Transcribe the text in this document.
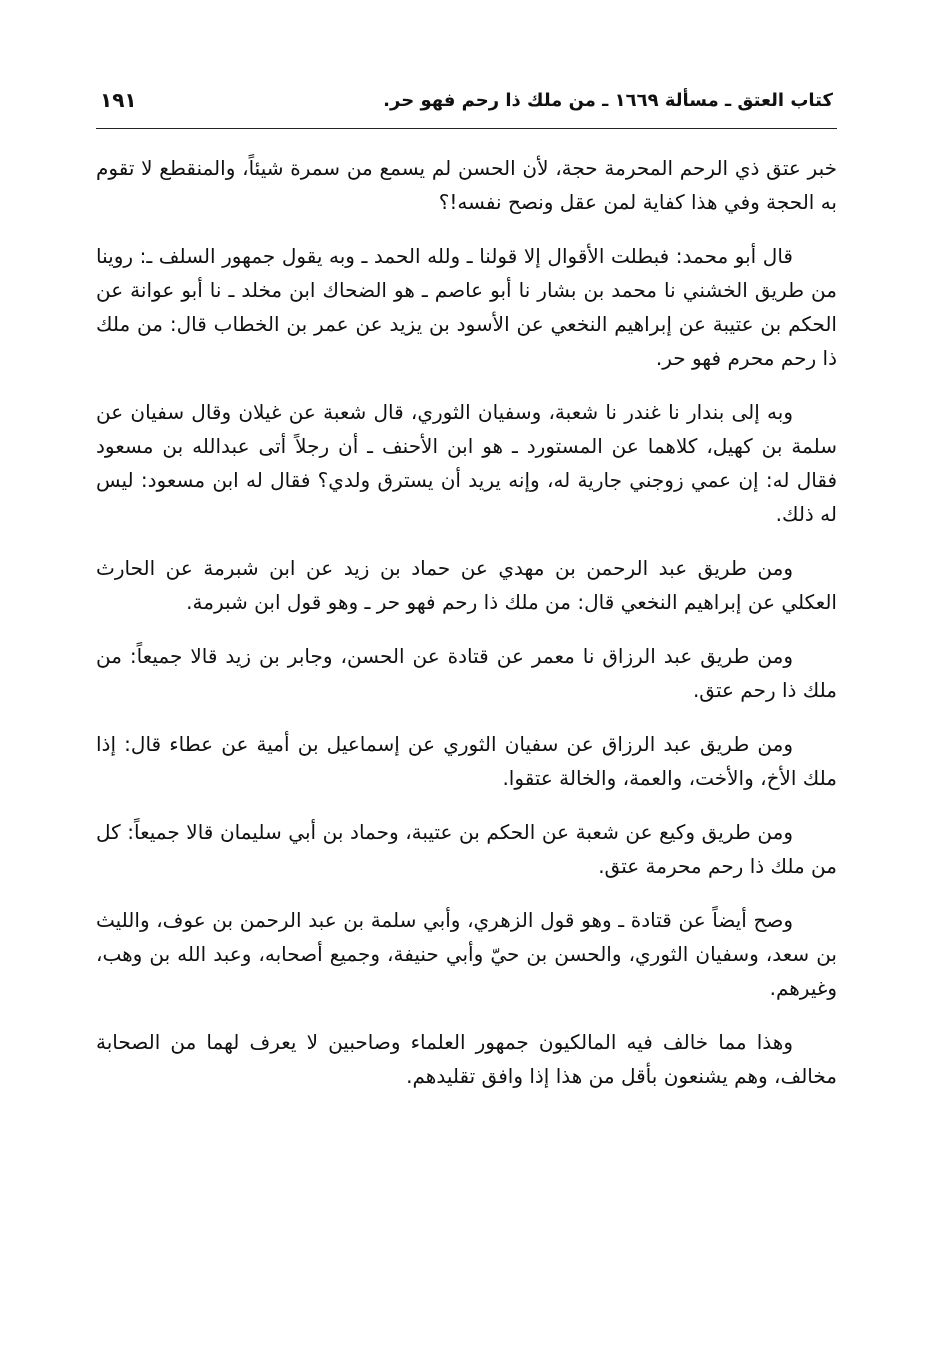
كتاب العتق ـ مسألة ١٦٦٩ ـ من ملك ذا رحم فهو حر.
١٩١

خبر عتق ذي الرحم المحرمة حجة، لأن الحسن لم يسمع من سمرة شيئاً، والمنقطع لا تقوم به الحجة وفي هذا كفاية لمن عقل ونصح نفسه!؟

قال أبو محمد: فبطلت الأقوال إلا قولنا ـ ولله الحمد ـ وبه يقول جمهور السلف ـ: روينا من طريق الخشني نا محمد بن بشار نا أبو عاصم ـ هو الضحاك ابن مخلد ـ نا أبو عوانة عن الحكم بن عتيبة عن إبراهيم النخعي عن الأسود بن يزيد عن عمر بن الخطاب قال: من ملك ذا رحم محرم فهو حر.

وبه إلى بندار نا غندر نا شعبة، وسفيان الثوري، قال شعبة عن غيلان وقال سفيان عن سلمة بن كهيل، كلاهما عن المستورد ـ هو ابن الأحنف ـ أن رجلاً أتى عبدالله بن مسعود فقال له: إن عمي زوجني جارية له، وإنه يريد أن يسترق ولدي؟ فقال له ابن مسعود: ليس له ذلك.

ومن طريق عبد الرحمن بن مهدي عن حماد بن زيد عن ابن شبرمة عن الحارث العكلي عن إبراهيم النخعي قال: من ملك ذا رحم فهو حر ـ وهو قول ابن شبرمة.

ومن طريق عبد الرزاق نا معمر عن قتادة عن الحسن، وجابر بن زيد قالا جميعاً: من ملك ذا رحم عتق.

ومن طريق عبد الرزاق عن سفيان الثوري عن إسماعيل بن أمية عن عطاء قال: إذا ملك الأخ، والأخت، والعمة، والخالة عتقوا.

ومن طريق وكيع عن شعبة عن الحكم بن عتيبة، وحماد بن أبي سليمان قالا جميعاً: كل من ملك ذا رحم محرمة عتق.

وصح أيضاً عن قتادة ـ وهو قول الزهري، وأبي سلمة بن عبد الرحمن بن عوف، والليث بن سعد، وسفيان الثوري، والحسن بن حيّ وأبي حنيفة، وجميع أصحابه، وعبد الله بن وهب، وغيرهم.

وهذا مما خالف فيه المالكيون جمهور العلماء وصاحبين لا يعرف لهما من الصحابة مخالف، وهم يشنعون بأقل من هذا إذا وافق تقليدهم.
